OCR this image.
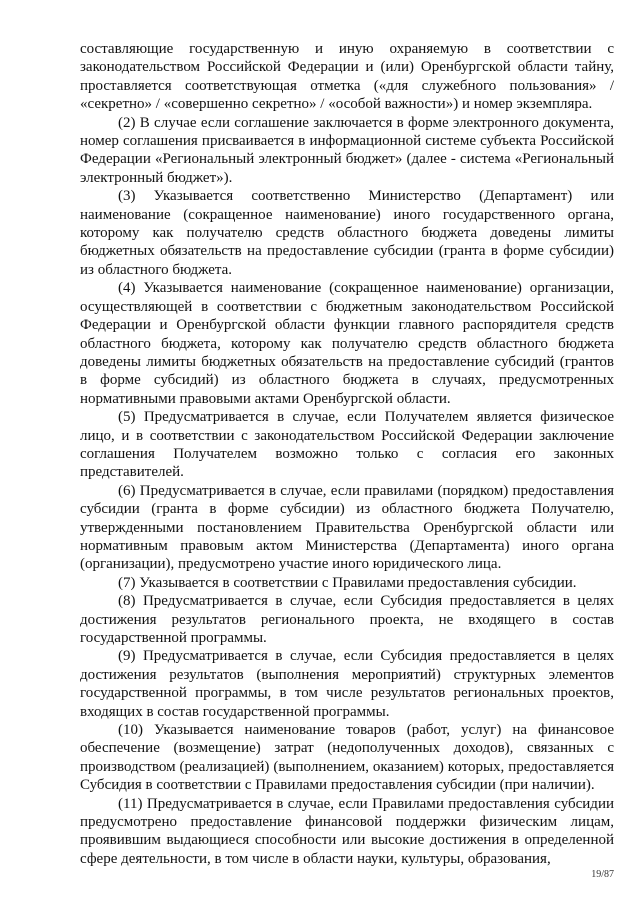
составляющие государственную и иную охраняемую в соответствии с законодательством Российской Федерации и (или) Оренбургской области тайну, проставляется соответствующая отметка («для служебного пользования» / «секретно» / «совершенно секретно» / «особой важности») и номер экземпляра.

(2) В случае если соглашение заключается в форме электронного документа, номер соглашения присваивается в информационной системе субъекта Российской Федерации «Региональный электронный бюджет» (далее - система «Региональный электронный бюджет»).

(3) Указывается соответственно Министерство (Департамент) или наименование (сокращенное наименование) иного государственного органа, которому как получателю средств областного бюджета доведены лимиты бюджетных обязательств на предоставление субсидии (гранта в форме субсидии) из областного бюджета.

(4) Указывается наименование (сокращенное наименование) организации, осуществляющей в соответствии с бюджетным законодательством Российской Федерации и Оренбургской области функции главного распорядителя средств областного бюджета, которому как получателю средств областного бюджета доведены лимиты бюджетных обязательств на предоставление субсидий (грантов в форме субсидий) из областного бюджета в случаях, предусмотренных нормативными правовыми актами Оренбургской области.

(5) Предусматривается в случае, если Получателем является физическое лицо, и в соответствии с законодательством Российской Федерации заключение соглашения Получателем возможно только с согласия его законных представителей.

(6) Предусматривается в случае, если правилами (порядком) предоставления субсидии (гранта в форме субсидии) из областного бюджета Получателю, утвержденными постановлением Правительства Оренбургской области или нормативным правовым актом Министерства (Департамента) иного органа (организации), предусмотрено участие иного юридического лица.

(7) Указывается в соответствии с Правилами предоставления субсидии.

(8) Предусматривается в случае, если Субсидия предоставляется в целях достижения результатов регионального проекта, не входящего в состав государственной программы.

(9) Предусматривается в случае, если Субсидия предоставляется в целях достижения результатов (выполнения мероприятий) структурных элементов государственной программы, в том числе результатов региональных проектов, входящих в состав государственной программы.

(10) Указывается наименование товаров (работ, услуг) на финансовое обеспечение (возмещение) затрат (недополученных доходов), связанных с производством (реализацией) (выполнением, оказанием) которых, предоставляется Субсидия в соответствии с Правилами предоставления субсидии (при наличии).

(11) Предусматривается в случае, если Правилами предоставления субсидии предусмотрено предоставление финансовой поддержки физическим лицам, проявившим выдающиеся способности или высокие достижения в определенной сфере деятельности, в том числе в области науки, культуры, образования,

19/87
